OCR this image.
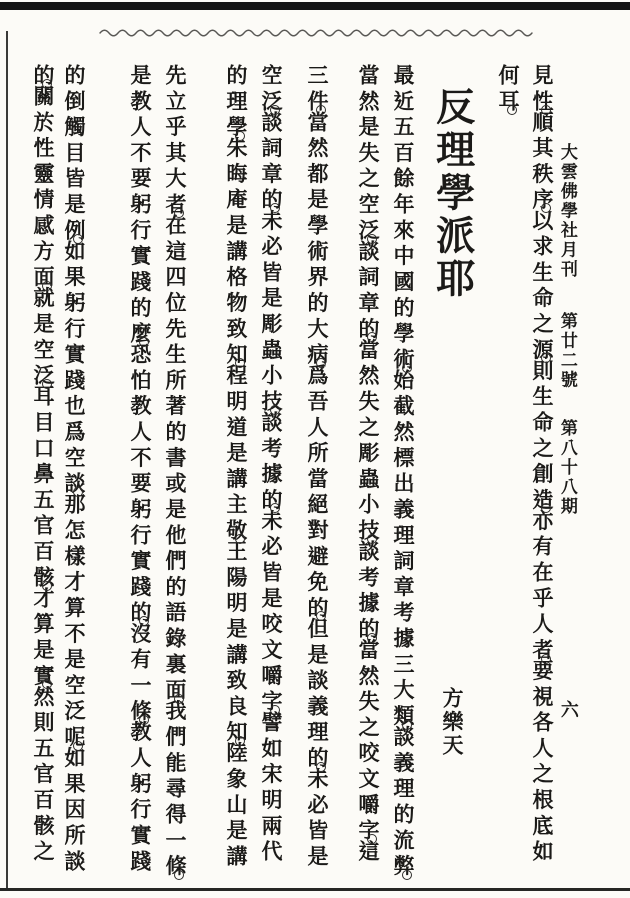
大雲佛學社月刊
第廿二號
第八十八期
六
見性
順其秩序
以求生命之源
則生命之創造
亦有在乎人者
要視各人之根底如
何耳
反理學派耶
方樂天
最近五百餘年來中國的學術
始截然標出義理詞章考據三大類
談義理的流弊
當然是失之空泛
談詞章的
當然失之彫蟲小技
談考據的
當然失之咬文嚼字
這
三件
當然都是學術界的大病
爲吾人所當絕對避免的
但是談義理的
未必皆是
空泛
談詞章的
未必皆是彫蟲小技
談考據的
未必皆是咬文嚼字
譬如宋明兩代
的理學
朱晦庵是講格物致知
程明道是講主敬
王陽明是講致良知
陸象山是講
先立乎其大者
在這四位先生所著的書或是他們的語錄裏面
我們能尋得一條
是教人不要躬行實踐的麼
恐怕教人不要躬行實踐的
沒有一條
教人躬行實踐
的倒觸目皆是例
如果躬行實踐也爲空談
那怎樣才算不是空泛呢
如果因所談
的
關於性靈情感方面
就是空泛
耳目口鼻五官百骸
才算是實
然則五官百骸之
